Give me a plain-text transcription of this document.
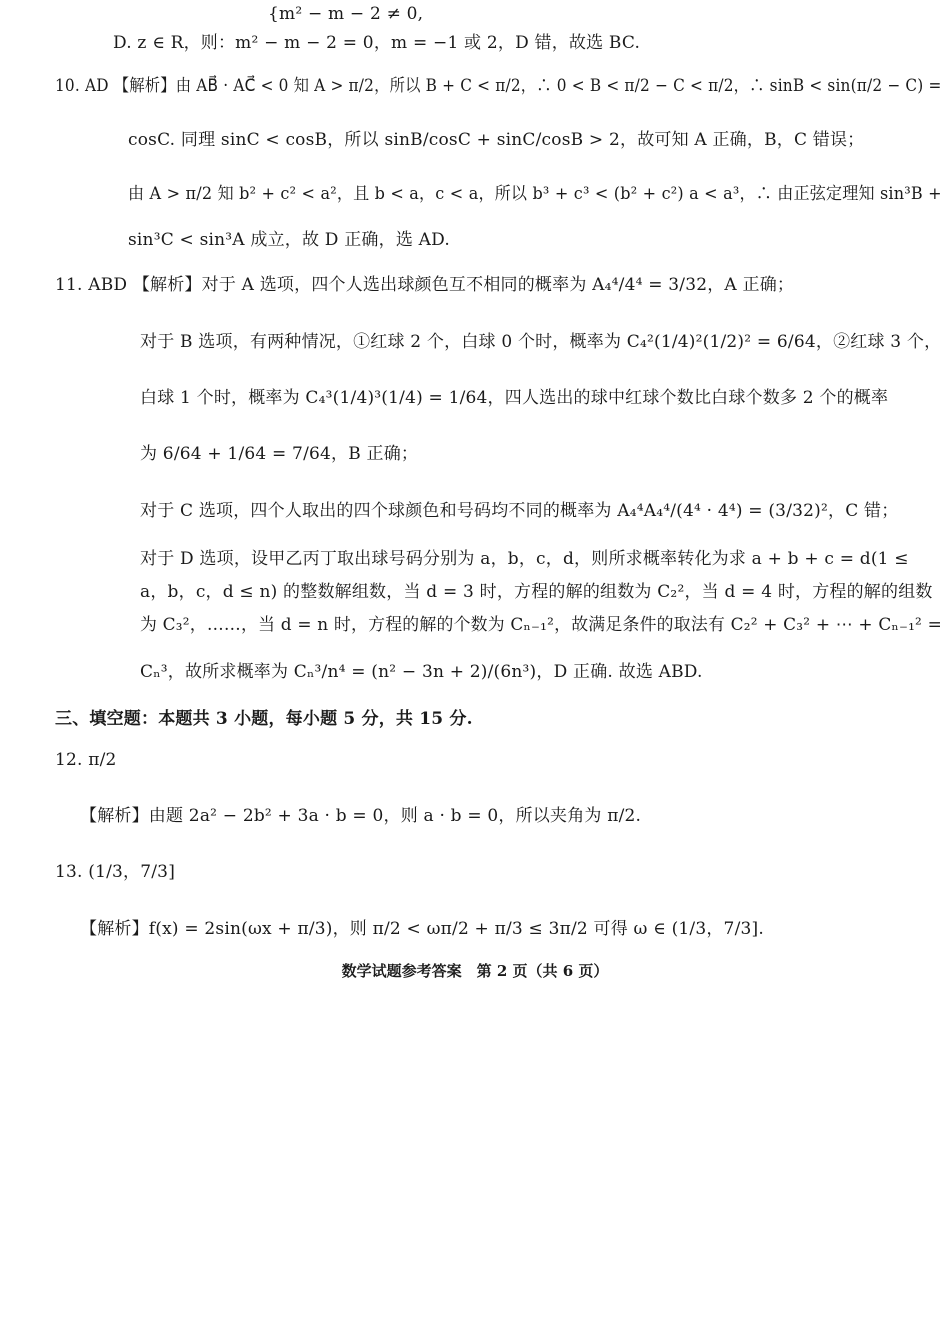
{m² − m − 2 ≠ 0,
D. z ∈ R，则：m² − m − 2 = 0，m = −1 或 2，D 错，故选 BC.
10. AD 【解析】由 AB⃗ · AC⃗ < 0 知 A > π/2，所以 B + C < π/2，∴ 0 < B < π/2 − C < π/2，∴ sinB < sin(π/2 − C) =
cosC. 同理 sinC < cosB，所以 sinB/cosC + sinC/cosB > 2，故可知 A 正确，B，C 错误；
由 A > π/2 知 b² + c² < a²，且 b < a，c < a，所以 b³ + c³ < (b² + c²) a < a³，∴ 由正弦定理知 sin³B +
sin³C < sin³A 成立，故 D 正确，选 AD.
11. ABD 【解析】对于 A 选项，四个人选出球颜色互不相同的概率为 A₄⁴/4⁴ = 3/32，A 正确；
对于 B 选项，有两种情况，①红球 2 个，白球 0 个时，概率为 C₄²(1/4)²(1/2)² = 6/64，②红球 3 个，
白球 1 个时，概率为 C₄³(1/4)³(1/4) = 1/64，四人选出的球中红球个数比白球个数多 2 个的概率
为 6/64 + 1/64 = 7/64，B 正确；
对于 C 选项，四个人取出的四个球颜色和号码均不同的概率为 A₄⁴A₄⁴/(4⁴ · 4⁴) = (3/32)²，C 错；
对于 D 选项，设甲乙丙丁取出球号码分别为 a，b，c，d，则所求概率转化为求 a + b + c = d(1 ≤
a，b，c，d ≤ n) 的整数解组数，当 d = 3 时，方程的解的组数为 C₂²，当 d = 4 时，方程的解的组数
为 C₃²，……，当 d = n 时，方程的解的个数为 Cₙ₋₁²，故满足条件的取法有 C₂² + C₃² + ⋯ + Cₙ₋₁² =
Cₙ³，故所求概率为 Cₙ³/n⁴ = (n² − 3n + 2)/(6n³)，D 正确. 故选 ABD.
三、填空题：本题共 3 小题，每小题 5 分，共 15 分.
12. π/2
【解析】由题 2a² − 2b² + 3a · b = 0，则 a · b = 0，所以夹角为 π/2.
13. (1/3，7/3]
【解析】f(x) = 2sin(ωx + π/3)，则 π/2 < ωπ/2 + π/3 ≤ 3π/2 可得 ω ∈ (1/3，7/3].
数学试题参考答案　第 2 页（共 6 页）
